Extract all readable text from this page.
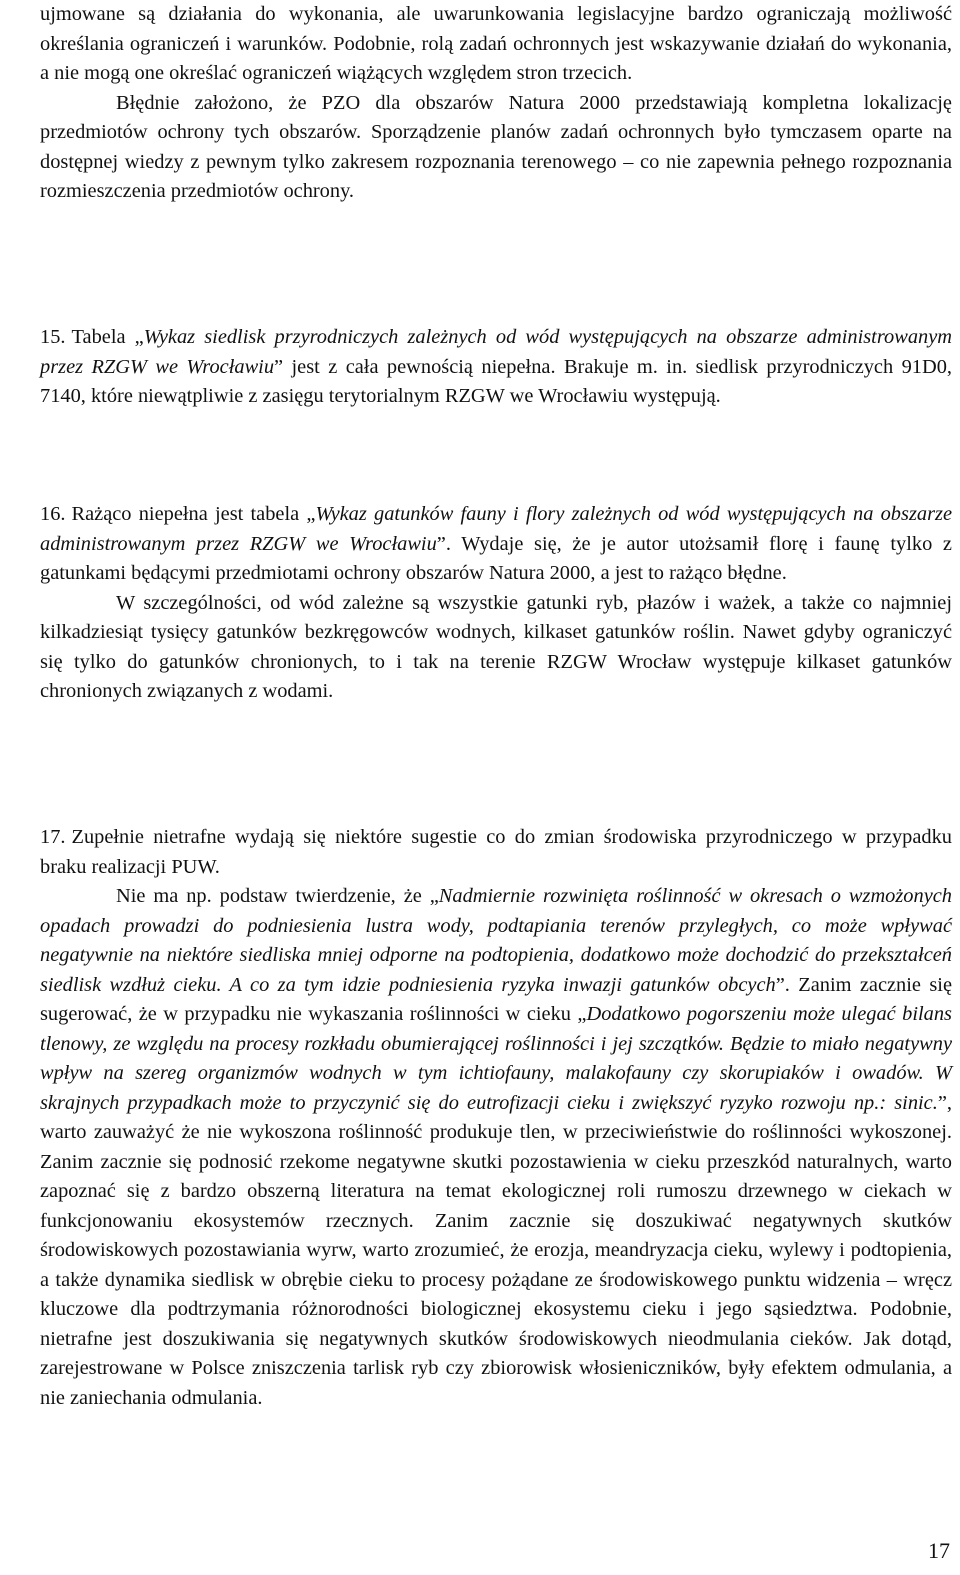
ujmowane są działania do wykonania, ale uwarunkowania legislacyjne bardzo ograniczają możliwość określania ograniczeń i warunków. Podobnie, rolą zadań ochronnych jest wskazywanie działań do wykonania, a nie mogą one określać ograniczeń wiążących względem stron trzecich.

Błędnie założono, że PZO dla obszarów Natura 2000 przedstawiają kompletna lokalizację przedmiotów ochrony tych obszarów. Sporządzenie planów zadań ochronnych było tymczasem oparte na dostępnej wiedzy z pewnym tylko zakresem rozpoznania terenowego – co nie zapewnia pełnego rozpoznania rozmieszczenia przedmiotów ochrony.

15. Tabela „Wykaz siedlisk przyrodniczych zależnych od wód występujących na obszarze administrowanym przez RZGW we Wrocławiu” jest z cała pewnością niepełna. Brakuje m. in. siedlisk przyrodniczych 91D0, 7140, które niewątpliwie z zasięgu terytorialnym RZGW we Wrocławiu występują.

16. Rażąco niepełna jest tabela „Wykaz gatunków fauny i flory zależnych od wód występujących na obszarze administrowanym przez RZGW we Wrocławiu”. Wydaje się, że je autor utożsamił florę i faunę tylko z gatunkami będącymi przedmiotami ochrony obszarów Natura 2000, a jest to rażąco błędne.

W szczególności, od wód zależne są wszystkie gatunki ryb, płazów i ważek, a także co najmniej kilkadziesiąt tysięcy gatunków bezkręgowców wodnych, kilkaset gatunków roślin. Nawet gdyby ograniczyć się tylko do gatunków chronionych, to i tak na terenie RZGW Wrocław występuje kilkaset gatunków chronionych związanych z wodami.

17. Zupełnie nietrafne wydają się niektóre sugestie co do zmian środowiska przyrodniczego w przypadku braku realizacji PUW.

Nie ma np. podstaw twierdzenie, że „Nadmiernie rozwinięta roślinność w okresach o wzmożonych opadach prowadzi do podniesienia lustra wody, podtapiania terenów przyległych, co może wpływać negatywnie na niektóre siedliska mniej odporne na podtopienia, dodatkowo może dochodzić do przekształceń siedlisk wzdłuż cieku. A co za tym idzie podniesienia ryzyka inwazji gatunków obcych”. Zanim zacznie się sugerować, że w przypadku nie wykaszania roślinności w cieku „Dodatkowo pogorszeniu może ulegać bilans tlenowy, ze względu na procesy rozkładu obumierającej roślinności i jej szczątków. Będzie to miało negatywny wpływ na szereg organizmów wodnych w tym ichtiofauny, malakofauny czy skorupiaków i owadów. W skrajnych przypadkach może to przyczynić się do eutrofizacji cieku i zwiększyć ryzyko rozwoju np.: sinic.”, warto zauważyć że nie wykoszona roślinność produkuje tlen, w przeciwieństwie do roślinności wykoszonej. Zanim zacznie się podnosić rzekome negatywne skutki pozostawienia w cieku przeszkód naturalnych, warto zapoznać się z bardzo obszerną literatura na temat ekologicznej roli rumoszu drzewnego w ciekach w funkcjonowaniu ekosystemów rzecznych. Zanim zacznie się doszukiwać negatywnych skutków środowiskowych pozostawiania wyrw, warto zrozumieć, że erozja, meandryzacja cieku, wylewy i podtopienia, a także dynamika siedlisk w obrębie cieku to procesy pożądane ze środowiskowego punktu widzenia – wręcz kluczowe dla podtrzymania różnorodności biologicznej ekosystemu cieku i jego sąsiedztwa. Podobnie, nietrafne jest doszukiwania się negatywnych skutków środowiskowych nieodmulania cieków. Jak dotąd, zarejestrowane w Polsce zniszczenia tarlisk ryb czy zbiorowisk włosieniczników, były efektem odmulania, a nie zaniechania odmulania.

17
